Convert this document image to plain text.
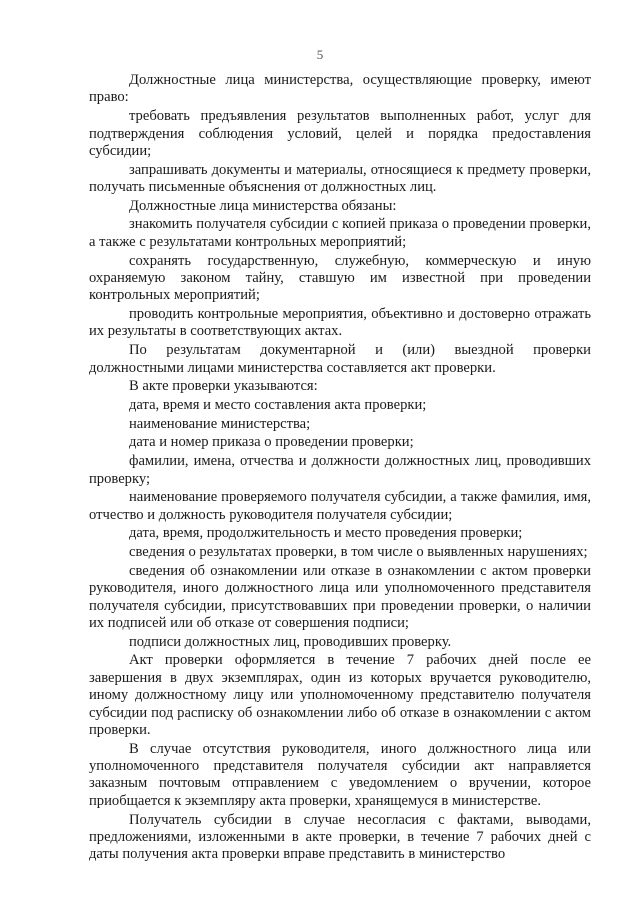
5

Должностные лица министерства, осуществляющие проверку, имеют право:

требовать предъявления результатов выполненных работ, услуг для подтверждения соблюдения условий, целей и порядка предоставления субсидии;

запрашивать документы и материалы, относящиеся к предмету проверки, получать письменные объяснения от должностных лиц.

Должностные лица министерства обязаны:

знакомить получателя субсидии с копией приказа о проведении проверки, а также с результатами контрольных мероприятий;

сохранять государственную, служебную, коммерческую и иную охраняемую законом тайну, ставшую им известной при проведении контрольных мероприятий;

проводить контрольные мероприятия, объективно и достоверно отражать их результаты в соответствующих актах.

По результатам документарной и (или) выездной проверки должностными лицами министерства составляется акт проверки.

В акте проверки указываются:

дата, время и место составления акта проверки;

наименование министерства;

дата и номер приказа о проведении проверки;

фамилии, имена, отчества и должности должностных лиц, проводивших проверку;

наименование проверяемого получателя субсидии, а также фамилия, имя, отчество и должность руководителя получателя субсидии;

дата, время, продолжительность и место проведения проверки;

сведения о результатах проверки, в том числе о выявленных нарушениях;

сведения об ознакомлении или отказе в ознакомлении с актом проверки руководителя, иного должностного лица или уполномоченного представителя получателя субсидии, присутствовавших при проведении проверки, о наличии их подписей или об отказе от совершения подписи;

подписи должностных лиц, проводивших проверку.

Акт проверки оформляется в течение 7 рабочих дней после ее завершения в двух экземплярах, один из которых вручается руководителю, иному должностному лицу или уполномоченному представителю получателя субсидии под расписку об ознакомлении либо об отказе в ознакомлении с актом проверки.

В случае отсутствия руководителя, иного должностного лица или уполномоченного представителя получателя субсидии акт направляется заказным почтовым отправлением с уведомлением о вручении, которое приобщается к экземпляру акта проверки, хранящемуся в министерстве.

Получатель субсидии в случае несогласия с фактами, выводами, предложениями, изложенными в акте проверки, в течение 7 рабочих дней с даты получения акта проверки вправе представить в министерство
